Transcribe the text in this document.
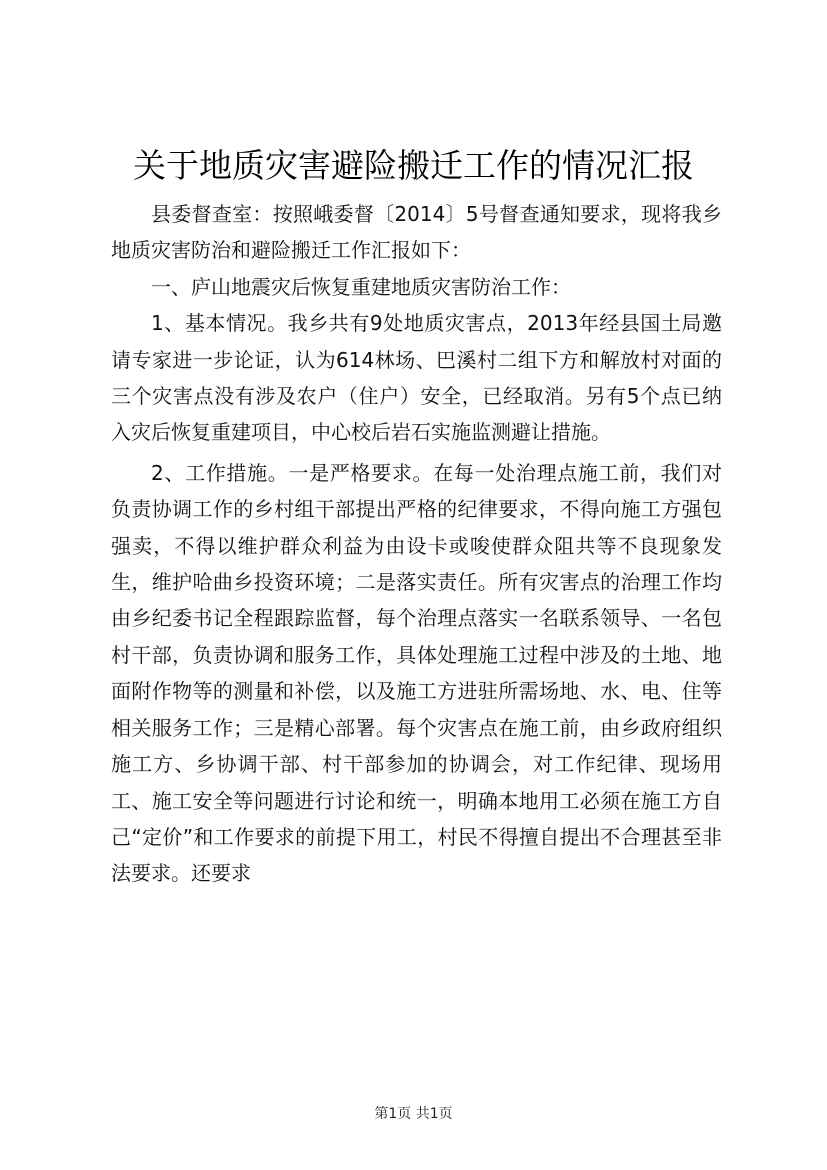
关于地质灾害避险搬迁工作的情况汇报

县委督查室：按照峨委督〔2014〕5号督查通知要求，现将我乡地质灾害防治和避险搬迁工作汇报如下：

一、庐山地震灾后恢复重建地质灾害防治工作：

1、基本情况。我乡共有9处地质灾害点，2013年经县国土局邀请专家进一步论证，认为614林场、巴溪村二组下方和解放村对面的三个灾害点没有涉及农户（住户）安全，已经取消。另有5个点已纳入灾后恢复重建项目，中心校后岩石实施监测避让措施。

2、工作措施。一是严格要求。在每一处治理点施工前，我们对负责协调工作的乡村组干部提出严格的纪律要求，不得向施工方强包强卖，不得以维护群众利益为由设卡或唆使群众阻共等不良现象发生，维护哈曲乡投资环境；二是落实责任。所有灾害点的治理工作均由乡纪委书记全程跟踪监督，每个治理点落实一名联系领导、一名包村干部，负责协调和服务工作，具体处理施工过程中涉及的土地、地面附作物等的测量和补偿，以及施工方进驻所需场地、水、电、住等相关服务工作；三是精心部署。每个灾害点在施工前，由乡政府组织施工方、乡协调干部、村干部参加的协调会，对工作纪律、现场用工、施工安全等问题进行讨论和统一，明确本地用工必须在施工方自己“定价”和工作要求的前提下用工，村民不得擅自提出不合理甚至非法要求。还要求

第1页 共1页
